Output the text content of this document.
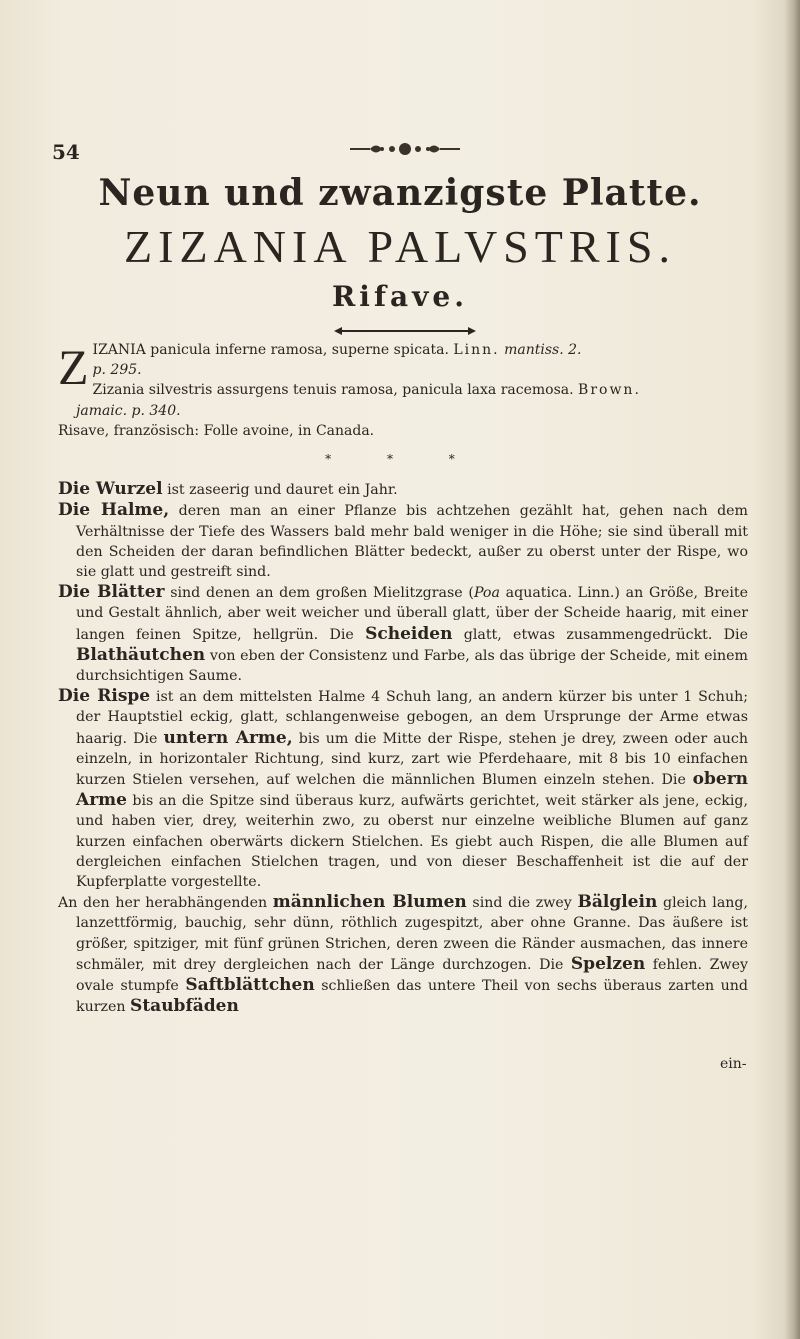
54
Neun und zwanzigste Platte.
ZIZANIA PALVSTRIS.
Rifave.

ZIZANIA panicula inferne ramosa, superne spicata. Linn. mantiss. 2.

p. 295.

Zizania silvestris assurgens tenuis ramosa, panicula laxa racemosa. Brown.

jamaic. p. 340.

Risave, französisch: Folle avoine, in Canada.

* * *

Die Wurzel ist zaseerig und dauret ein Jahr.

Die Halme, deren man an einer Pflanze bis achtzehen gezählt hat, gehen nach dem Verhältnisse der Tiefe des Wassers bald mehr bald weniger in die Höhe; sie sind überall mit den Scheiden der daran befindlichen Blätter bedeckt, außer zu oberst unter der Rispe, wo sie glatt und gestreift sind.

Die Blätter sind denen an dem großen Mielitzgrase (Poa aquatica. Linn.) an Größe, Breite und Gestalt ähnlich, aber weit weicher und überall glatt, über der Scheide haarig, mit einer langen feinen Spitze, hellgrün. Die Scheiden glatt, etwas zusammengedrückt. Die Blathäutchen von eben der Consistenz und Farbe, als das übrige der Scheide, mit einem durchsichtigen Saume.

Die Rispe ist an dem mittelsten Halme 4 Schuh lang, an andern kürzer bis unter 1 Schuh; der Hauptstiel eckig, glatt, schlangenweise gebogen, an dem Ursprunge der Arme etwas haarig. Die untern Arme, bis um die Mitte der Rispe, stehen je drey, zween oder auch einzeln, in horizontaler Richtung, sind kurz, zart wie Pferdehaare, mit 8 bis 10 einfachen kurzen Stielen versehen, auf welchen die männlichen Blumen einzeln stehen. Die obern Arme bis an die Spitze sind überaus kurz, aufwärts gerichtet, weit stärker als jene, eckig, und haben vier, drey, weiterhin zwo, zu oberst nur einzelne weibliche Blumen auf ganz kurzen einfachen oberwärts dickern Stielchen. Es giebt auch Rispen, die alle Blumen auf dergleichen einfachen Stielchen tragen, und von dieser Beschaffenheit ist die auf der Kupferplatte vorgestellte.

An den her herabhängenden männlichen Blumen sind die zwey Bälglein gleich lang, lanzettförmig, bauchig, sehr dünn, röthlich zugespitzt, aber ohne Granne. Das äußere ist größer, spitziger, mit fünf grünen Strichen, deren zween die Ränder ausmachen, das innere schmäler, mit drey dergleichen nach der Länge durchzogen. Die Spelzen fehlen. Zwey ovale stumpfe Saftblättchen schließen das untere Theil von sechs überaus zarten und kurzen Staubfäden

ein-
